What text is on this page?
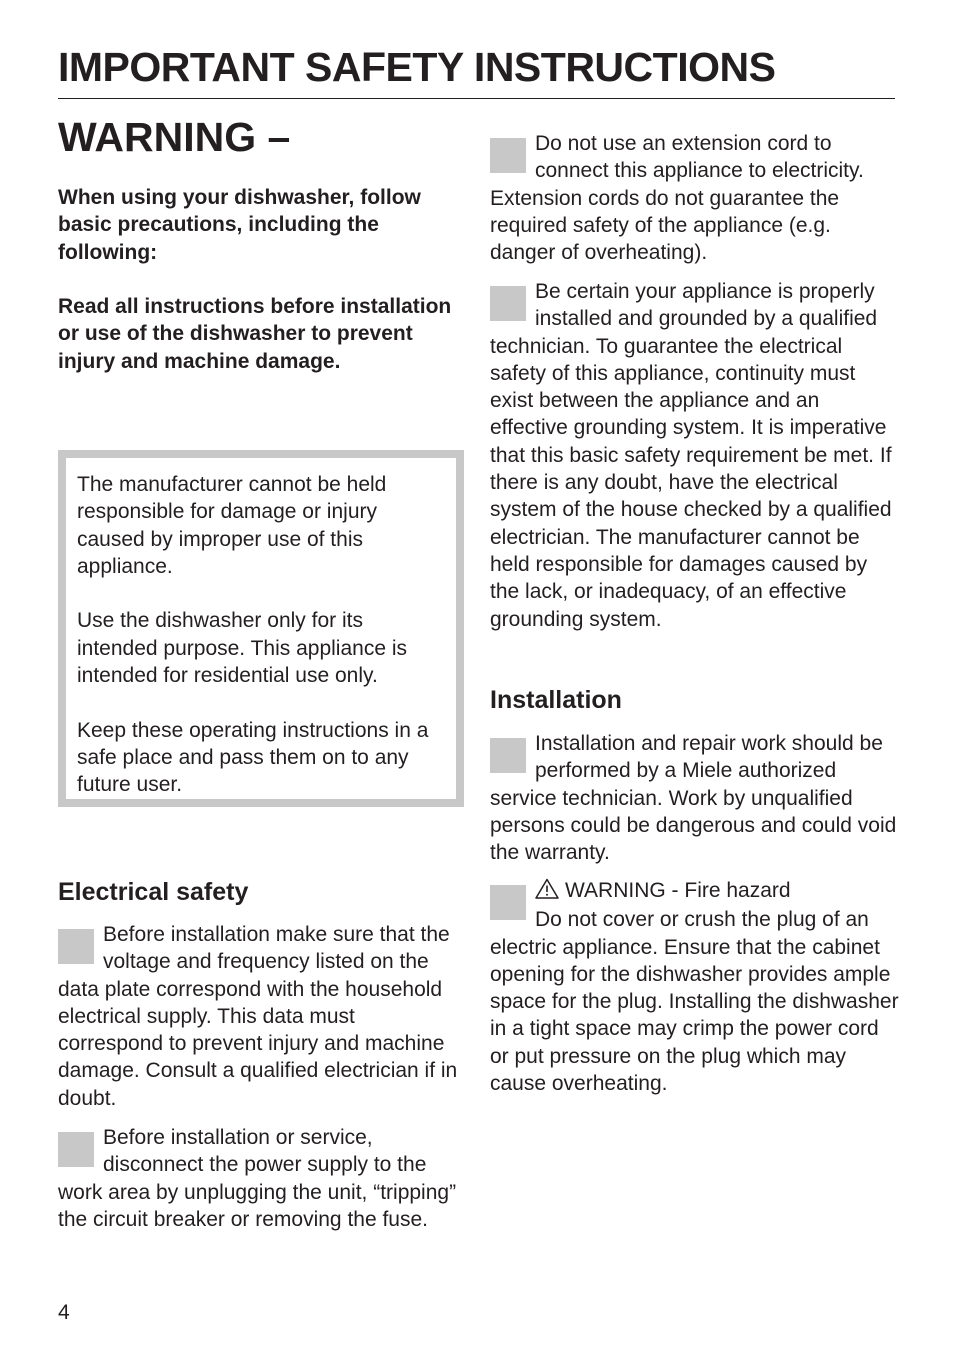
IMPORTANT SAFETY INSTRUCTIONS
WARNING –

When using your dishwasher, follow basic precautions, including the following:

Read all instructions before installation or use of the dishwasher to prevent injury and machine damage.

The manufacturer cannot be held responsible for damage or injury caused by improper use of this appliance.

Use the dishwasher only for its intended purpose. This appliance is intended for residential use only.

Keep these operating instructions in a safe place and pass them on to any future user.

Electrical safety
Before installation make sure that the voltage and frequency listed on the data plate correspond with the household electrical supply. This data must correspond to prevent injury and machine damage. Consult a qualified electrician if in doubt.
Before installation or service, disconnect the power supply to the work area by unplugging the unit, “tripping” the circuit breaker or removing the fuse.
Do not use an extension cord to connect this appliance to electricity. Extension cords do not guarantee the required safety of the appliance (e.g. danger of overheating).
Be certain your appliance is properly installed and grounded by a qualified technician. To guarantee the electrical safety of this appliance, continuity must exist between the appliance and an effective grounding system. It is imperative that this basic safety requirement be met. If there is any doubt, have the electrical system of the house checked by a qualified electrician. The manufacturer cannot be held responsible for damages caused by the lack, or inadequacy, of an effective grounding system.
Installation
Installation and repair work should be performed by a Miele authorized service technician. Work by unqualified persons could be dangerous and could void the warranty.
WARNING - Fire hazard
Do not cover or crush the plug of an electric appliance. Ensure that the cabinet opening for the dishwasher provides ample space for the plug. Installing the dishwasher in a tight space may crimp the power cord or put pressure on the plug which may cause overheating.
4
